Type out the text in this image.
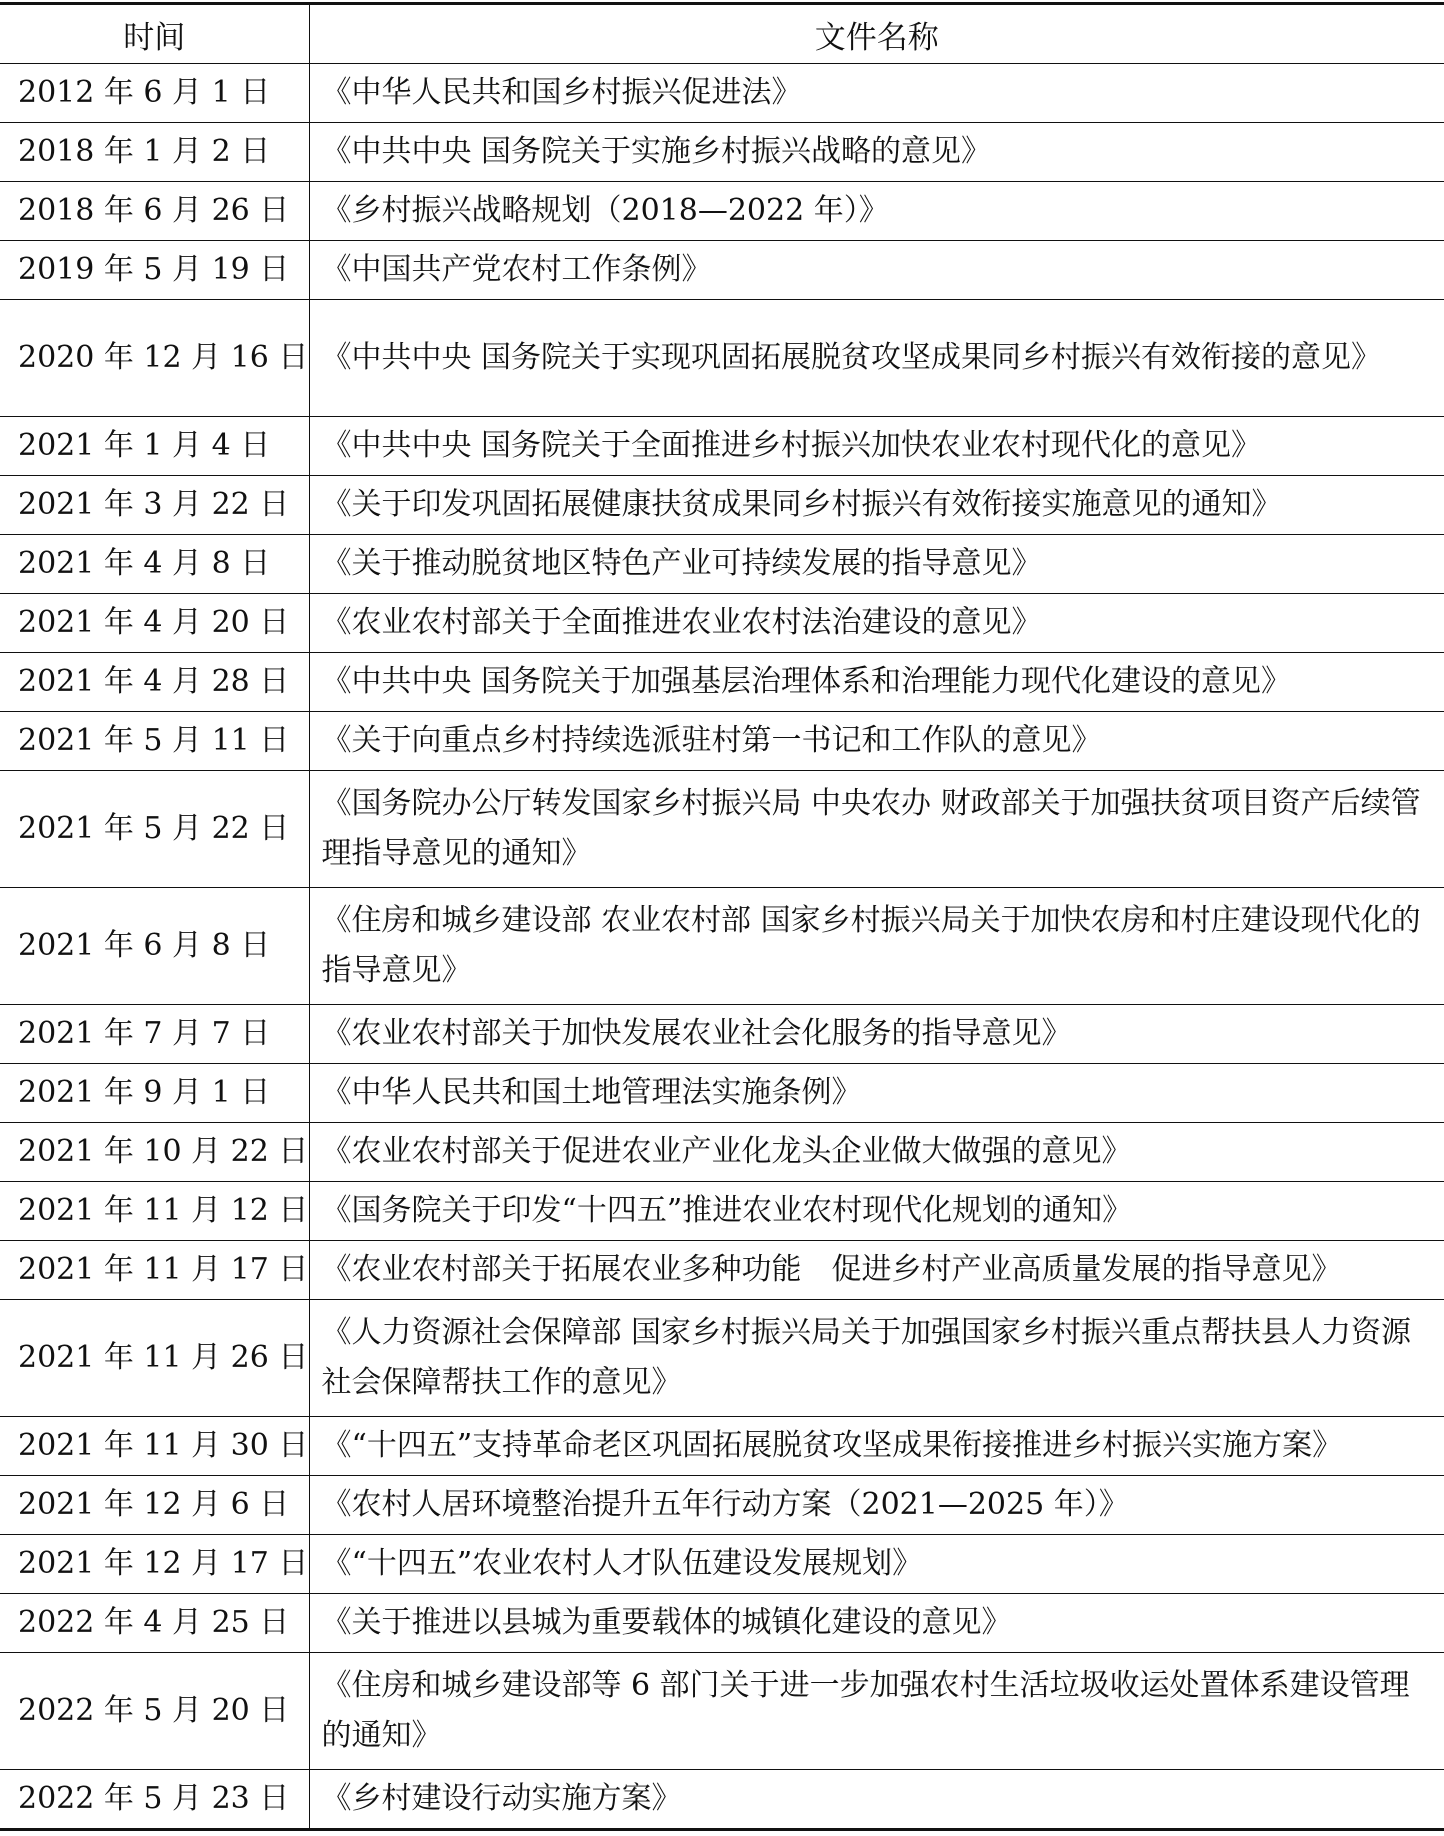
时间	文件名称
2012 年 6 月 1 日	《中华人民共和国乡村振兴促进法》
2018 年 1 月 2 日	《中共中央 国务院关于实施乡村振兴战略的意见》
2018 年 6 月 26 日	《乡村振兴战略规划（2018—2022 年）》
2019 年 5 月 19 日	《中国共产党农村工作条例》
2020 年 12 月 16 日	《中共中央 国务院关于实现巩固拓展脱贫攻坚成果同乡村振兴有效衔接的意见》
2021 年 1 月 4 日	《中共中央 国务院关于全面推进乡村振兴加快农业农村现代化的意见》
2021 年 3 月 22 日	《关于印发巩固拓展健康扶贫成果同乡村振兴有效衔接实施意见的通知》
2021 年 4 月 8 日	《关于推动脱贫地区特色产业可持续发展的指导意见》
2021 年 4 月 20 日	《农业农村部关于全面推进农业农村法治建设的意见》
2021 年 4 月 28 日	《中共中央 国务院关于加强基层治理体系和治理能力现代化建设的意见》
2021 年 5 月 11 日	《关于向重点乡村持续选派驻村第一书记和工作队的意见》
2021 年 5 月 22 日	《国务院办公厅转发国家乡村振兴局 中央农办 财政部关于加强扶贫项目资产后续管理指导意见的通知》
2021 年 6 月 8 日	《住房和城乡建设部 农业农村部 国家乡村振兴局关于加快农房和村庄建设现代化的指导意见》
2021 年 7 月 7 日	《农业农村部关于加快发展农业社会化服务的指导意见》
2021 年 9 月 1 日	《中华人民共和国土地管理法实施条例》
2021 年 10 月 22 日	《农业农村部关于促进农业产业化龙头企业做大做强的意见》
2021 年 11 月 12 日	《国务院关于印发“十四五”推进农业农村现代化规划的通知》
2021 年 11 月 17 日	《农业农村部关于拓展农业多种功能　促进乡村产业高质量发展的指导意见》
2021 年 11 月 26 日	《人力资源社会保障部 国家乡村振兴局关于加强国家乡村振兴重点帮扶县人力资源社会保障帮扶工作的意见》
2021 年 11 月 30 日	《“十四五”支持革命老区巩固拓展脱贫攻坚成果衔接推进乡村振兴实施方案》
2021 年 12 月 6 日	《农村人居环境整治提升五年行动方案（2021—2025 年）》
2021 年 12 月 17 日	《“十四五”农业农村人才队伍建设发展规划》
2022 年 4 月 25 日	《关于推进以县城为重要载体的城镇化建设的意见》
2022 年 5 月 20 日	《住房和城乡建设部等 6 部门关于进一步加强农村生活垃圾收运处置体系建设管理的通知》
2022 年 5 月 23 日	《乡村建设行动实施方案》
